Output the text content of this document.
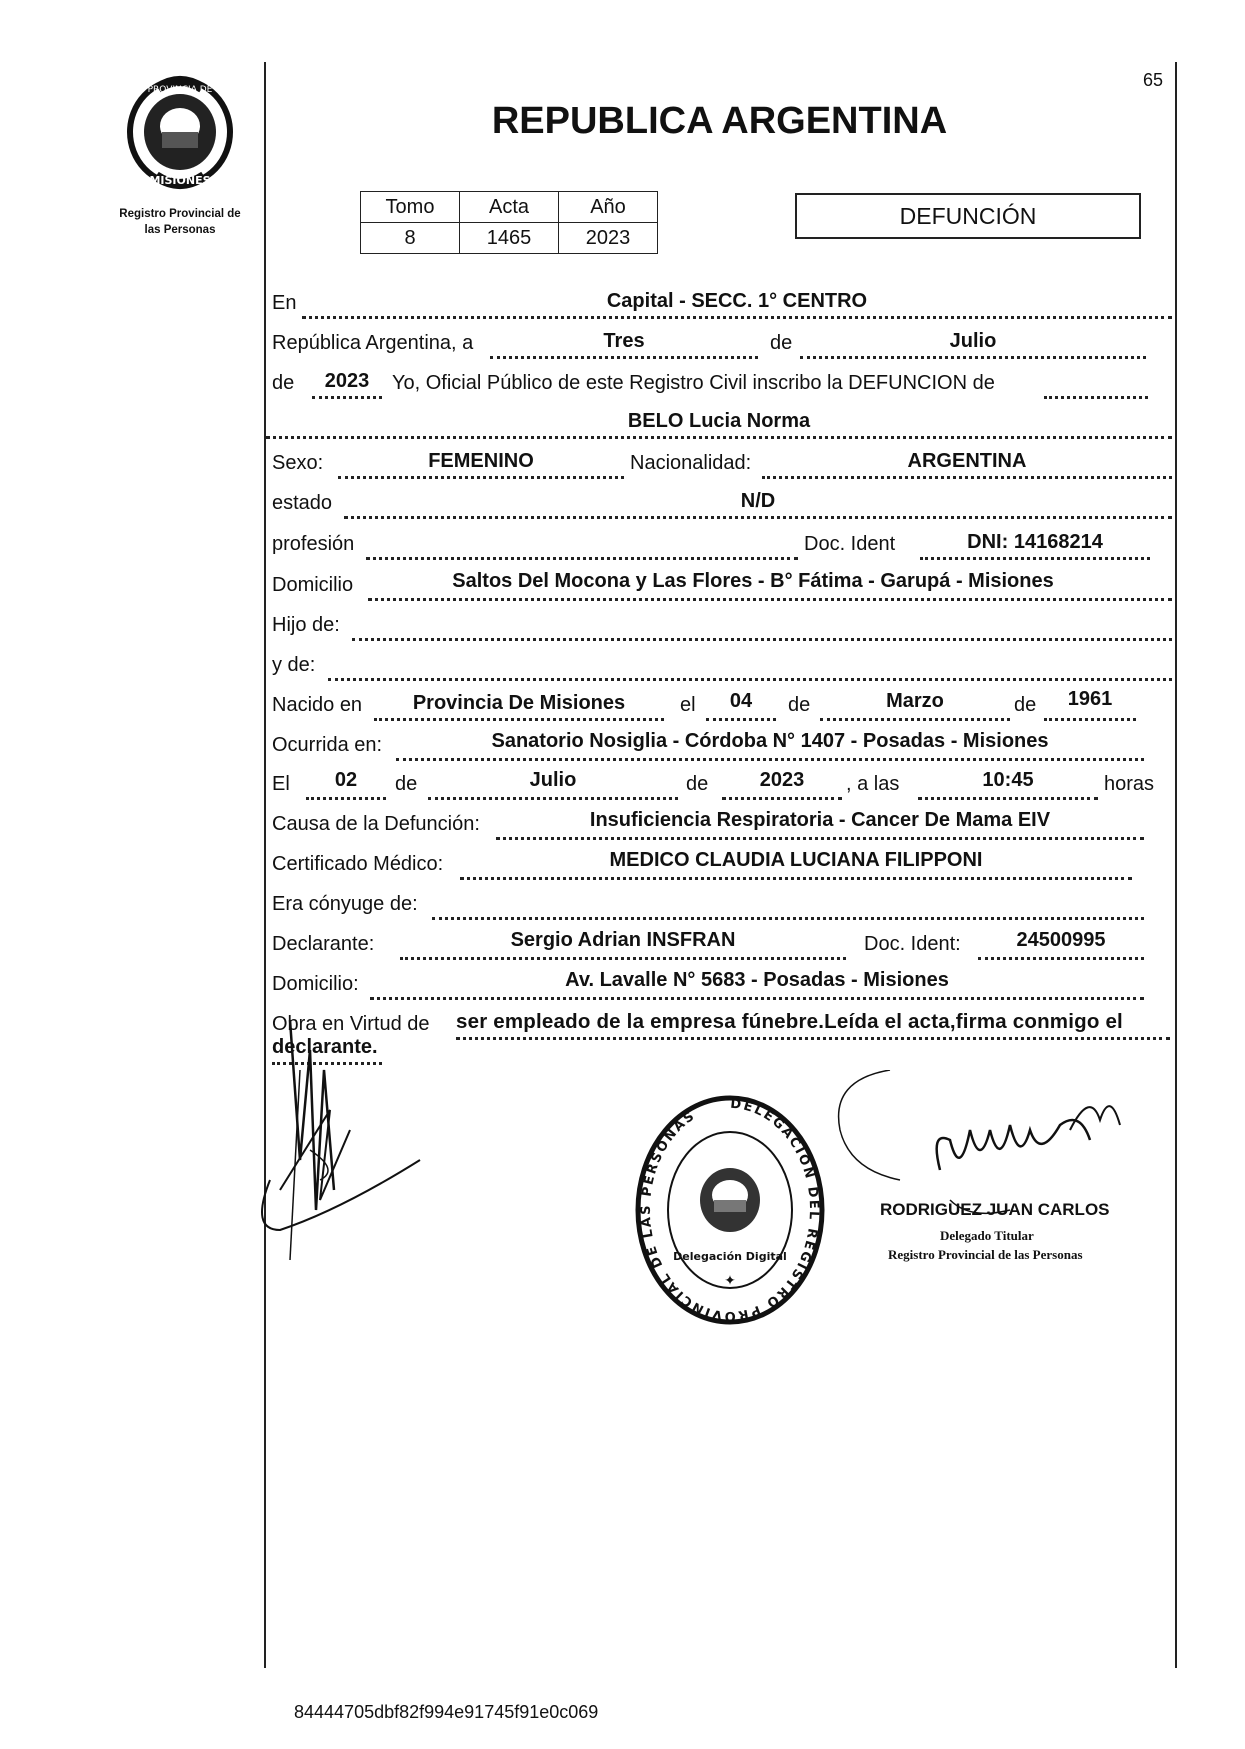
65
PROVINCIA DE
MISIONES
Registro Provincial de
las Personas
REPUBLICA ARGENTINA
Tomo	Acta	Año
8	1465	2023
DEFUNCIÓN
En	Capital - SECC. 1° CENTRO
República Argentina, a	Tres	de	Julio
de	2023	Yo, Oficial Público de este Registro Civil inscribo la DEFUNCION de
BELO Lucia Norma
Sexo:	FEMENINO	Nacionalidad:	ARGENTINA
estado	N/D
profesión	Doc. Ident	DNI: 14168214
Domicilio	Saltos Del Mocona y Las Flores - B° Fátima - Garupá - Misiones
Hijo de:
y de:
Nacido en	Provincia De Misiones	el	04	de	Marzo	de	1961
Ocurrida en:	Sanatorio Nosiglia - Córdoba N° 1407 - Posadas - Misiones
El	02	de	Julio	de	2023	, a las	10:45	horas
Causa de la Defunción:	Insuficiencia Respiratoria - Cancer De Mama EIV
Certificado Médico:	MEDICO CLAUDIA LUCIANA FILIPPONI
Era cónyuge de:
Declarante:	Sergio Adrian INSFRAN	Doc. Ident:	24500995
Domicilio:	Av. Lavalle N° 5683 - Posadas - Misiones
Obra en Virtud de ser empleado de la empresa fúnebre.Leída el acta,firma conmigo el
declarante.
DELEGACION DEL REGISTRO PROVINCIAL DE LAS PERSONAS
Delegación Digital
✦
RODRIGUEZ JUAN CARLOS
Delegado Titular
Registro Provincial de las Personas
84444705dbf82f994e91745f91e0c069
